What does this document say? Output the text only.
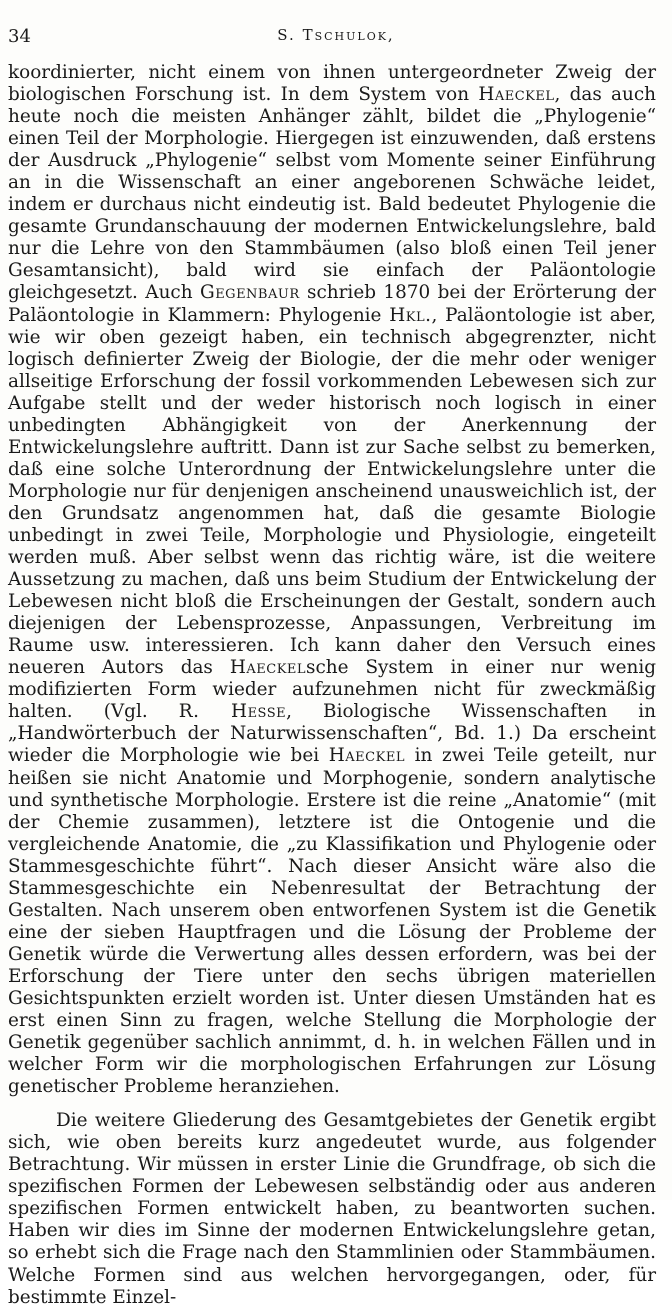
34	S. Tschulok,

koordinierter, nicht einem von ihnen untergeordneter Zweig der biologischen Forschung ist. In dem System von Haeckel, das auch heute noch die meisten Anhänger zählt, bildet die „Phylogenie“ einen Teil der Morphologie. Hiergegen ist einzuwenden, daß erstens der Ausdruck „Phylogenie“ selbst vom Momente seiner Einführung an in die Wissenschaft an einer angeborenen Schwäche leidet, indem er durchaus nicht eindeutig ist. Bald bedeutet Phylogenie die gesamte Grundanschauung der modernen Entwickelungslehre, bald nur die Lehre von den Stammbäumen (also bloß einen Teil jener Gesamtansicht), bald wird sie einfach der Paläontologie gleichgesetzt. Auch Gegenbaur schrieb 1870 bei der Erörterung der Paläontologie in Klammern: Phylogenie Hkl., Paläontologie ist aber, wie wir oben gezeigt haben, ein technisch abgegrenzter, nicht logisch definierter Zweig der Biologie, der die mehr oder weniger allseitige Erforschung der fossil vorkommenden Lebewesen sich zur Aufgabe stellt und der weder historisch noch logisch in einer unbedingten Abhängigkeit von der Anerkennung der Entwickelungslehre auftritt. Dann ist zur Sache selbst zu bemerken, daß eine solche Unterordnung der Entwickelungslehre unter die Morphologie nur für denjenigen anscheinend unausweichlich ist, der den Grundsatz angenommen hat, daß die gesamte Biologie unbedingt in zwei Teile, Morphologie und Physiologie, eingeteilt werden muß. Aber selbst wenn das richtig wäre, ist die weitere Aussetzung zu machen, daß uns beim Studium der Entwickelung der Lebewesen nicht bloß die Erscheinungen der Gestalt, sondern auch diejenigen der Lebensprozesse, Anpassungen, Verbreitung im Raume usw. interessieren. Ich kann daher den Versuch eines neueren Autors das Haeckelsche System in einer nur wenig modifizierten Form wieder aufzunehmen nicht für zweckmäßig halten. (Vgl. R. Hesse, Biologische Wissenschaften in „Handwörterbuch der Naturwissenschaften“, Bd. 1.) Da erscheint wieder die Morphologie wie bei Haeckel in zwei Teile geteilt, nur heißen sie nicht Anatomie und Morphogenie, sondern analytische und synthetische Morphologie. Erstere ist die reine „Anatomie“ (mit der Chemie zusammen), letztere ist die Ontogenie und die vergleichende Anatomie, die „zu Klassifikation und Phylogenie oder Stammesgeschichte führt“. Nach dieser Ansicht wäre also die Stammesgeschichte ein Nebenresultat der Betrachtung der Gestalten. Nach unserem oben entworfenen System ist die Genetik eine der sieben Hauptfragen und die Lösung der Probleme der Genetik würde die Verwertung alles dessen erfordern, was bei der Erforschung der Tiere unter den sechs übrigen materiellen Gesichtspunkten erzielt worden ist. Unter diesen Umständen hat es erst einen Sinn zu fragen, welche Stellung die Morphologie der Genetik gegenüber sachlich annimmt, d. h. in welchen Fällen und in welcher Form wir die morphologischen Erfahrungen zur Lösung genetischer Probleme heranziehen.

Die weitere Gliederung des Gesamtgebietes der Genetik ergibt sich, wie oben bereits kurz angedeutet wurde, aus folgender Betrachtung. Wir müssen in erster Linie die Grundfrage, ob sich die spezifischen Formen der Lebewesen selbständig oder aus anderen spezifischen Formen entwickelt haben, zu beantworten suchen. Haben wir dies im Sinne der modernen Entwickelungslehre getan, so erhebt sich die Frage nach den Stammlinien oder Stammbäumen. Welche Formen sind aus welchen hervorgegangen, oder, für bestimmte Einzel-
